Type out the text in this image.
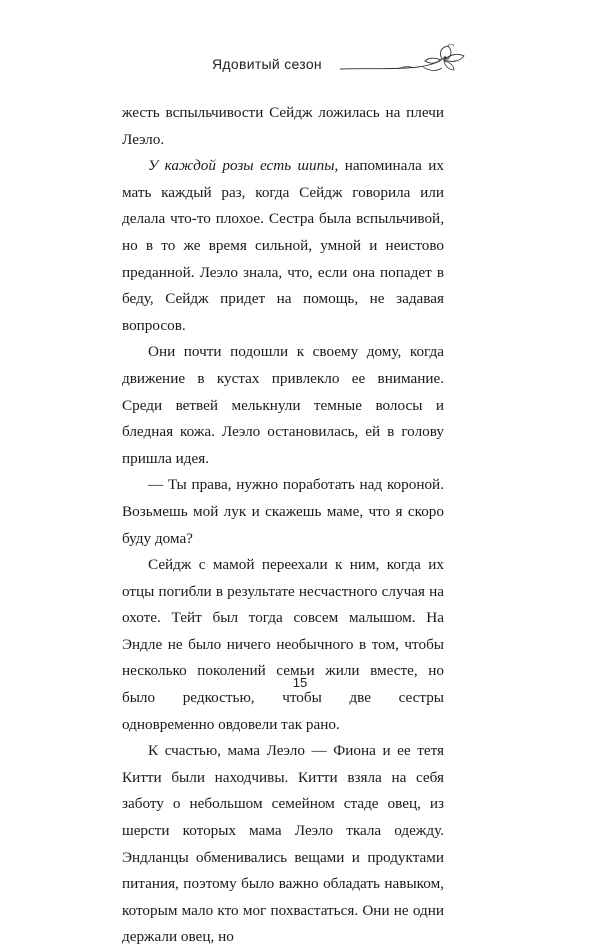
Ядовитый сезон

жесть вспыльчивости Сейдж ложилась на плечи Леэло.

У каждой розы есть шипы, напоминала их мать каждый раз, когда Сейдж говорила или делала что-то плохое. Сестра была вспыльчивой, но в то же время сильной, умной и неистово преданной. Леэло знала, что, если она попадет в беду, Сейдж придет на помощь, не задавая вопросов.

Они почти подошли к своему дому, когда движение в кустах привлекло ее внимание. Среди ветвей мелькнули темные волосы и бледная кожа. Леэло остановилась, ей в голову пришла идея.

— Ты права, нужно поработать над короной. Возьмешь мой лук и скажешь маме, что я скоро буду дома?

Сейдж с мамой переехали к ним, когда их отцы погибли в результате несчастного случая на охоте. Тейт был тогда совсем малышом. На Эндле не было ничего необычного в том, чтобы несколько поколений семьи жили вместе, но было редкостью, чтобы две сестры одновременно овдовели так рано.

К счастью, мама Леэло — Фиона и ее тетя Китти были находчивы. Китти взяла на себя заботу о небольшом семейном стаде овец, из шерсти которых мама Леэло ткала одежду. Эндланцы обменивались вещами и продуктами питания, поэтому было важно обладать навыком, которым мало кто мог похвастаться. Они не одни держали овец, но

15
